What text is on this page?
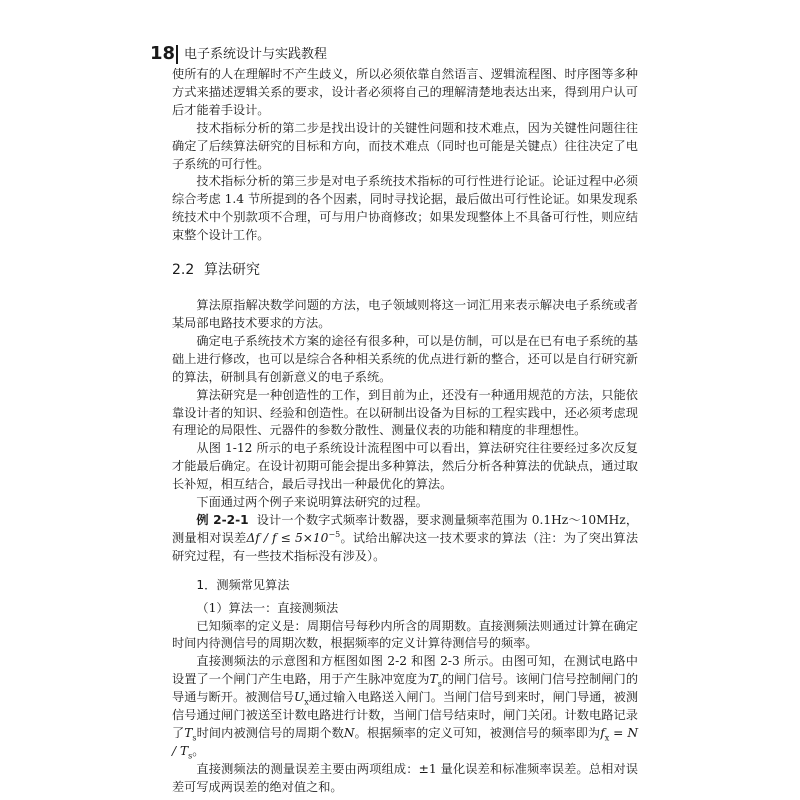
18 电子系统设计与实践教程

使所有的人在理解时不产生歧义，所以必须依靠自然语言、逻辑流程图、时序图等多种方式来描述逻辑关系的要求，设计者必须将自己的理解清楚地表达出来，得到用户认可后才能着手设计。

技术指标分析的第二步是找出设计的关键性问题和技术难点，因为关键性问题往往确定了后续算法研究的目标和方向，而技术难点（同时也可能是关键点）往往决定了电子系统的可行性。

技术指标分析的第三步是对电子系统技术指标的可行性进行论证。论证过程中必须综合考虑 1.4 节所提到的各个因素，同时寻找论据，最后做出可行性论证。如果发现系统技术中个别款项不合理，可与用户协商修改；如果发现整体上不具备可行性，则应结束整个设计工作。

2.2 算法研究

算法原指解决数学问题的方法，电子领域则将这一词汇用来表示解决电子系统或者某局部电路技术要求的方法。

确定电子系统技术方案的途径有很多种，可以是仿制，可以是在已有电子系统的基础上进行修改，也可以是综合各种相关系统的优点进行新的整合，还可以是自行研究新的算法，研制具有创新意义的电子系统。

算法研究是一种创造性的工作，到目前为止，还没有一种通用规范的方法，只能依靠设计者的知识、经验和创造性。在以研制出设备为目标的工程实践中，还必须考虑现有理论的局限性、元器件的参数分散性、测量仪表的功能和精度的非理想性。

从图 1-12 所示的电子系统设计流程图中可以看出，算法研究往往要经过多次反复才能最后确定。在设计初期可能会提出多种算法，然后分析各种算法的优缺点，通过取长补短，相互结合，最后寻找出一种最优化的算法。

下面通过两个例子来说明算法研究的过程。

例 2-2-1 设计一个数字式频率计数器，要求测量频率范围为 0.1Hz～10MHz，测量相对误差$\Delta f / f \le 5\times 10^{-5}$。试给出解决这一技术要求的算法（注：为了突出算法研究过程，有一些技术指标没有涉及）。

1．测频常见算法

（1）算法一：直接测频法

已知频率的定义是：周期信号每秒内所含的周期数。直接测频法则通过计算在确定时间内待测信号的周期次数，根据频率的定义计算待测信号的频率。

直接测频法的示意图和方框图如图 2-2 和图 2-3 所示。由图可知，在测试电路中设置了一个闸门产生电路，用于产生脉冲宽度为$T_s$的闸门信号。该闸门信号控制闸门的导通与断开。被测信号$U_x$通过输入电路送入闸门。当闸门信号到来时，闸门导通，被测信号通过闸门被送至计数电路进行计数，当闸门信号结束时，闸门关闭。计数电路记录了$T_s$时间内被测信号的周期个数N。根据频率的定义可知，被测信号的频率即为$f_x = N / T_s$。

直接测频法的测量误差主要由两项组成：±1 量化误差和标准频率误差。总相对误差可写成两误差的绝对值之和。
